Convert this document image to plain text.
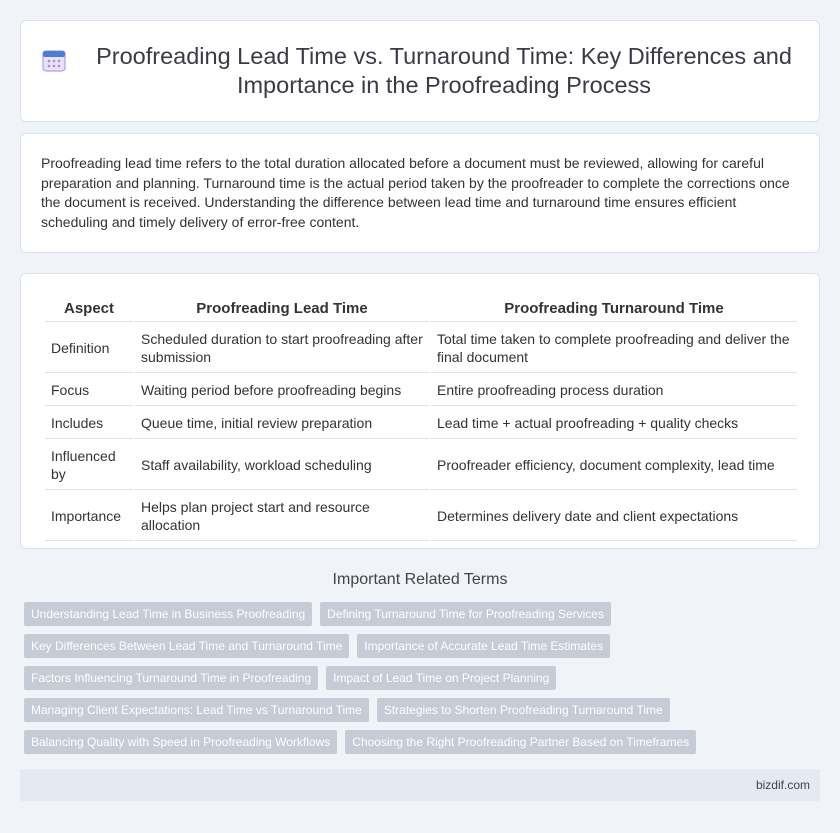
Proofreading Lead Time vs. Turnaround Time: Key Differences and Importance in the Proofreading Process

Proofreading lead time refers to the total duration allocated before a document must be reviewed, allowing for careful preparation and planning. Turnaround time is the actual period taken by the proofreader to complete the corrections once the document is received. Understanding the difference between lead time and turnaround time ensures efficient scheduling and timely delivery of error-free content.

Aspect	Proofreading Lead Time	Proofreading Turnaround Time
Definition	Scheduled duration to start proofreading after submission	Total time taken to complete proofreading and deliver the final document
Focus	Waiting period before proofreading begins	Entire proofreading process duration
Includes	Queue time, initial review preparation	Lead time + actual proofreading + quality checks
Influenced by	Staff availability, workload scheduling	Proofreader efficiency, document complexity, lead time
Importance	Helps plan project start and resource allocation	Determines delivery date and client expectations
Important Related Terms
Understanding Lead Time in Business Proofreading	Defining Turnaround Time for Proofreading Services
Key Differences Between Lead Time and Turnaround Time	Importance of Accurate Lead Time Estimates
Factors Influencing Turnaround Time in Proofreading	Impact of Lead Time on Project Planning
Managing Client Expectations: Lead Time vs Turnaround Time	Strategies to Shorten Proofreading Turnaround Time
Balancing Quality with Speed in Proofreading Workflows	Choosing the Right Proofreading Partner Based on Timeframes
bizdif.com
